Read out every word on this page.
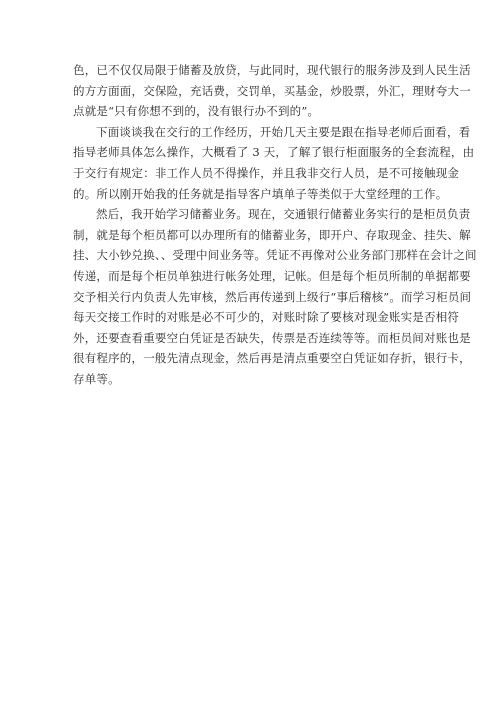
色，已不仅仅局限于储蓄及放贷，与此同时，现代银行的服务涉及到人民生活
的方方面面，交保险，充话费，交罚单，买基金，炒股票，外汇，理财夸大一
点就是“只有你想不到的，没有银行办不到的”。
下面谈谈我在交行的工作经历，开始几天主要是跟在指导老师后面看，看
指导老师具体怎么操作，大概看了 3 天，了解了银行柜面服务的全套流程，由
于交行有规定：非工作人员不得操作，并且我非交行人员，是不可接触现金
的。所以刚开始我的任务就是指导客户填单子等类似于大堂经理的工作。
然后，我开始学习储蓄业务。现在，交通银行储蓄业务实行的是柜员负责
制，就是每个柜员都可以办理所有的储蓄业务，即开户、存取现金、挂失、解
挂、大小钞兑换、、受理中间业务等。凭证不再像对公业务部门那样在会计之间
传递，而是每个柜员单独进行帐务处理，记帐。但是每个柜员所制的单据都要
交予相关行内负责人先审核，然后再传递到上级行“事后稽核”。而学习柜员间
每天交接工作时的对账是必不可少的，对账时除了要核对现金账实是否相符
外，还要查看重要空白凭证是否缺失，传票是否连续等等。而柜员间对账也是
很有程序的，一般先清点现金，然后再是清点重要空白凭证如存折，银行卡，
存单等。
